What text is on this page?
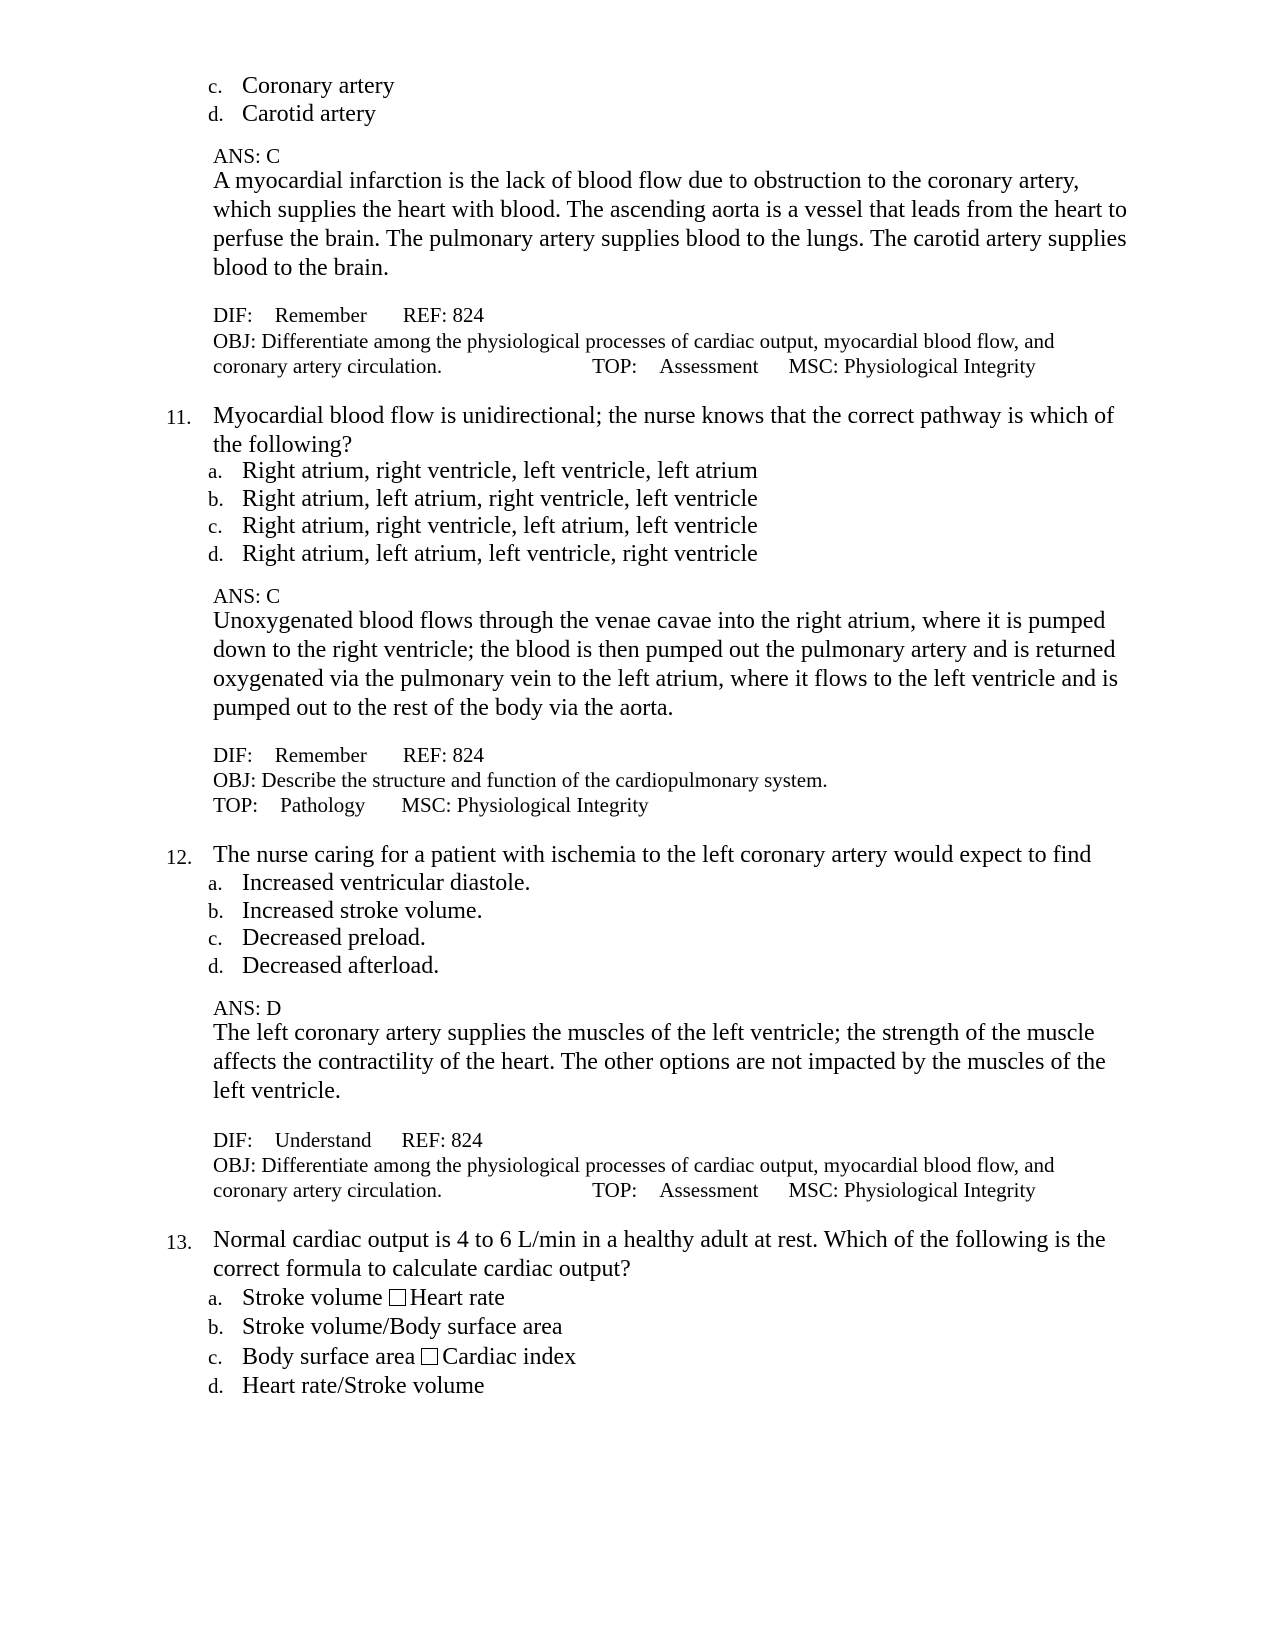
c. Coronary artery
d. Carotid artery
ANS: C
A myocardial infarction is the lack of blood flow due to obstruction to the coronary artery, which supplies the heart with blood. The ascending aorta is a vessel that leads from the heart to perfuse the brain. The pulmonary artery supplies blood to the lungs. The carotid artery supplies blood to the brain.
DIF: Remember REF: 824
OBJ: Differentiate among the physiological processes of cardiac output, myocardial blood flow, and
coronary artery circulation.	TOP: Assessment MSC: Physiological Integrity
11. Myocardial blood flow is unidirectional; the nurse knows that the correct pathway is which of the following?
a. Right atrium, right ventricle, left ventricle, left atrium
b. Right atrium, left atrium, right ventricle, left ventricle
c. Right atrium, right ventricle, left atrium, left ventricle
d. Right atrium, left atrium, left ventricle, right ventricle
ANS: C
Unoxygenated blood flows through the venae cavae into the right atrium, where it is pumped down to the right ventricle; the blood is then pumped out the pulmonary artery and is returned oxygenated via the pulmonary vein to the left atrium, where it flows to the left ventricle and is pumped out to the rest of the body via the aorta.
DIF: Remember REF: 824
OBJ: Describe the structure and function of the cardiopulmonary system.
TOP: Pathology MSC: Physiological Integrity
12. The nurse caring for a patient with ischemia to the left coronary artery would expect to find
a. Increased ventricular diastole.
b. Increased stroke volume.
c. Decreased preload.
d. Decreased afterload.
ANS: D
The left coronary artery supplies the muscles of the left ventricle; the strength of the muscle affects the contractility of the heart. The other options are not impacted by the muscles of the left ventricle.
DIF: Understand REF: 824
OBJ: Differentiate among the physiological processes of cardiac output, myocardial blood flow, and
coronary artery circulation.	TOP: Assessment MSC: Physiological Integrity
13. Normal cardiac output is 4 to 6 L/min in a healthy adult at rest. Which of the following is the correct formula to calculate cardiac output?
a. Stroke volume Heart rate
b. Stroke volume/Body surface area
c. Body surface area Cardiac index
d. Heart rate/Stroke volume
